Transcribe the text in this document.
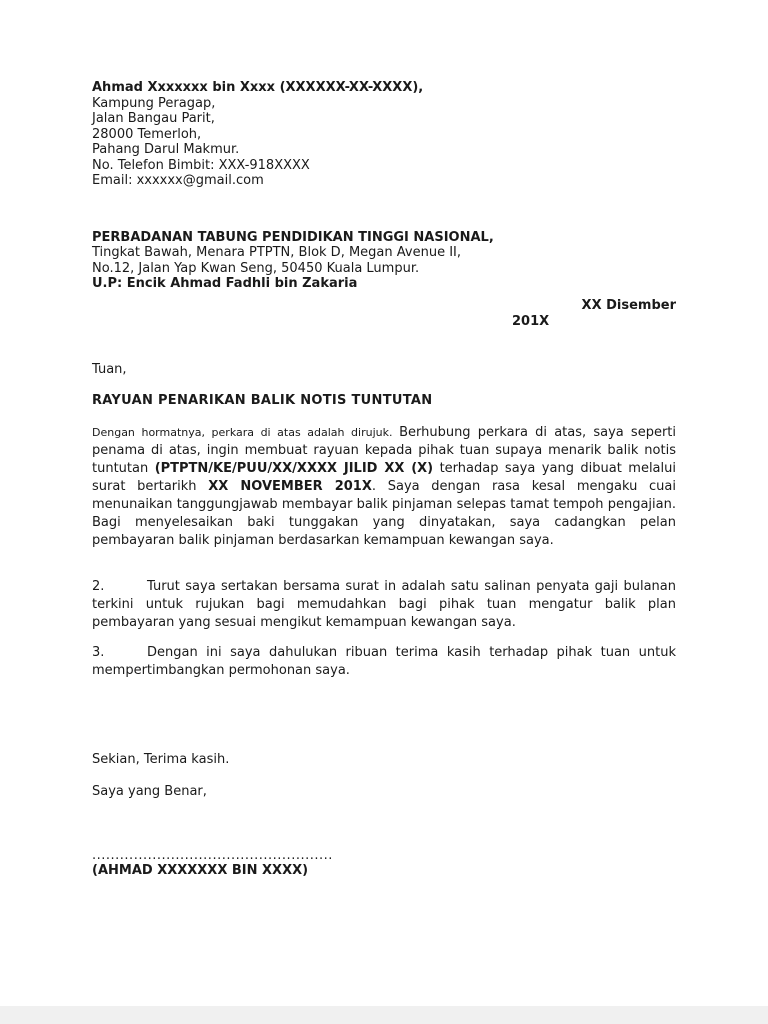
Ahmad Xxxxxxx bin Xxxx (XXXXXX-XX-XXXX),

Kampung Peragap,

Jalan Bangau Parit,

28000 Temerloh,

Pahang Darul Makmur.

No. Telefon Bimbit: XXX-918XXXX

Email: xxxxxx@gmail.com

PERBADANAN TABUNG PENDIDIKAN TINGGI NASIONAL,

Tingkat Bawah, Menara PTPTN, Blok D, Megan Avenue II,

No.12, Jalan Yap Kwan Seng, 50450 Kuala Lumpur.

U.P: Encik Ahmad Fadhli bin Zakaria

XX Disember
201X

Tuan,

RAYUAN PENARIKAN BALIK NOTIS TUNTUTAN

Dengan hormatnya, perkara di atas adalah dirujuk. Berhubung perkara di atas, saya seperti penama di atas, ingin membuat rayuan kepada pihak tuan supaya menarik balik notis tuntutan (PTPTN/KE/PUU/XX/XXXX JILID XX (X) terhadap saya yang dibuat melalui surat bertarikh XX NOVEMBER 201X. Saya dengan rasa kesal mengaku cuai menunaikan tanggungjawab membayar balik pinjaman selepas tamat tempoh pengajian. Bagi menyelesaikan baki tunggakan yang dinyatakan, saya cadangkan pelan pembayaran balik pinjaman berdasarkan kemampuan kewangan saya.

2.	Turut saya sertakan bersama surat in adalah satu salinan penyata gaji bulanan terkini untuk rujukan bagi memudahkan bagi pihak tuan mengatur balik plan pembayaran yang sesuai mengikut kemampuan kewangan saya.

3.	Dengan ini saya dahulukan ribuan terima kasih terhadap pihak tuan untuk mempertimbangkan permohonan saya.

Sekian, Terima kasih.

Saya yang Benar,

....................................................

(AHMAD XXXXXXX BIN XXXX)
